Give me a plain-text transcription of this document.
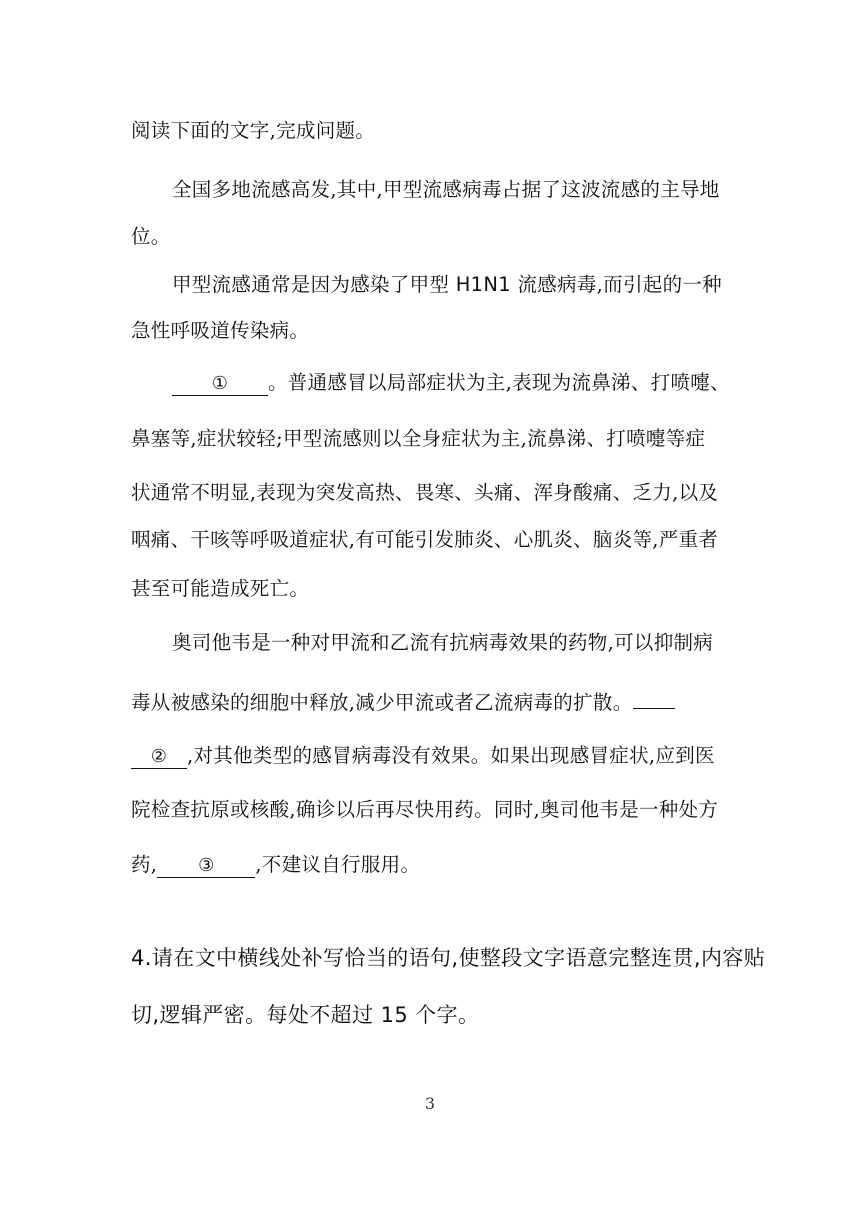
阅读下面的文字,完成问题。
全国多地流感高发,其中,甲型流感病毒占据了这波流感的主导地
位。
甲型流感通常是因为感染了甲型 H1N1 流感病毒,而引起的一种
急性呼吸道传染病。
① 。普通感冒以局部症状为主,表现为流鼻涕、打喷嚏、
鼻塞等,症状较轻;甲型流感则以全身症状为主,流鼻涕、打喷嚏等症
状通常不明显,表现为突发高热、畏寒、头痛、浑身酸痛、乏力,以及
咽痛、干咳等呼吸道症状,有可能引发肺炎、心肌炎、脑炎等,严重者
甚至可能造成死亡。
奥司他韦是一种对甲流和乙流有抗病毒效果的药物,可以抑制病
毒从被感染的细胞中释放,减少甲流或者乙流病毒的扩散。
② ,对其他类型的感冒病毒没有效果。如果出现感冒症状,应到医
院检查抗原或核酸,确诊以后再尽快用药。同时,奥司他韦是一种处方
药, ③ ,不建议自行服用。
4.请在文中横线处补写恰当的语句,使整段文字语意完整连贯,内容贴
切,逻辑严密。每处不超过 15 个字。
3
